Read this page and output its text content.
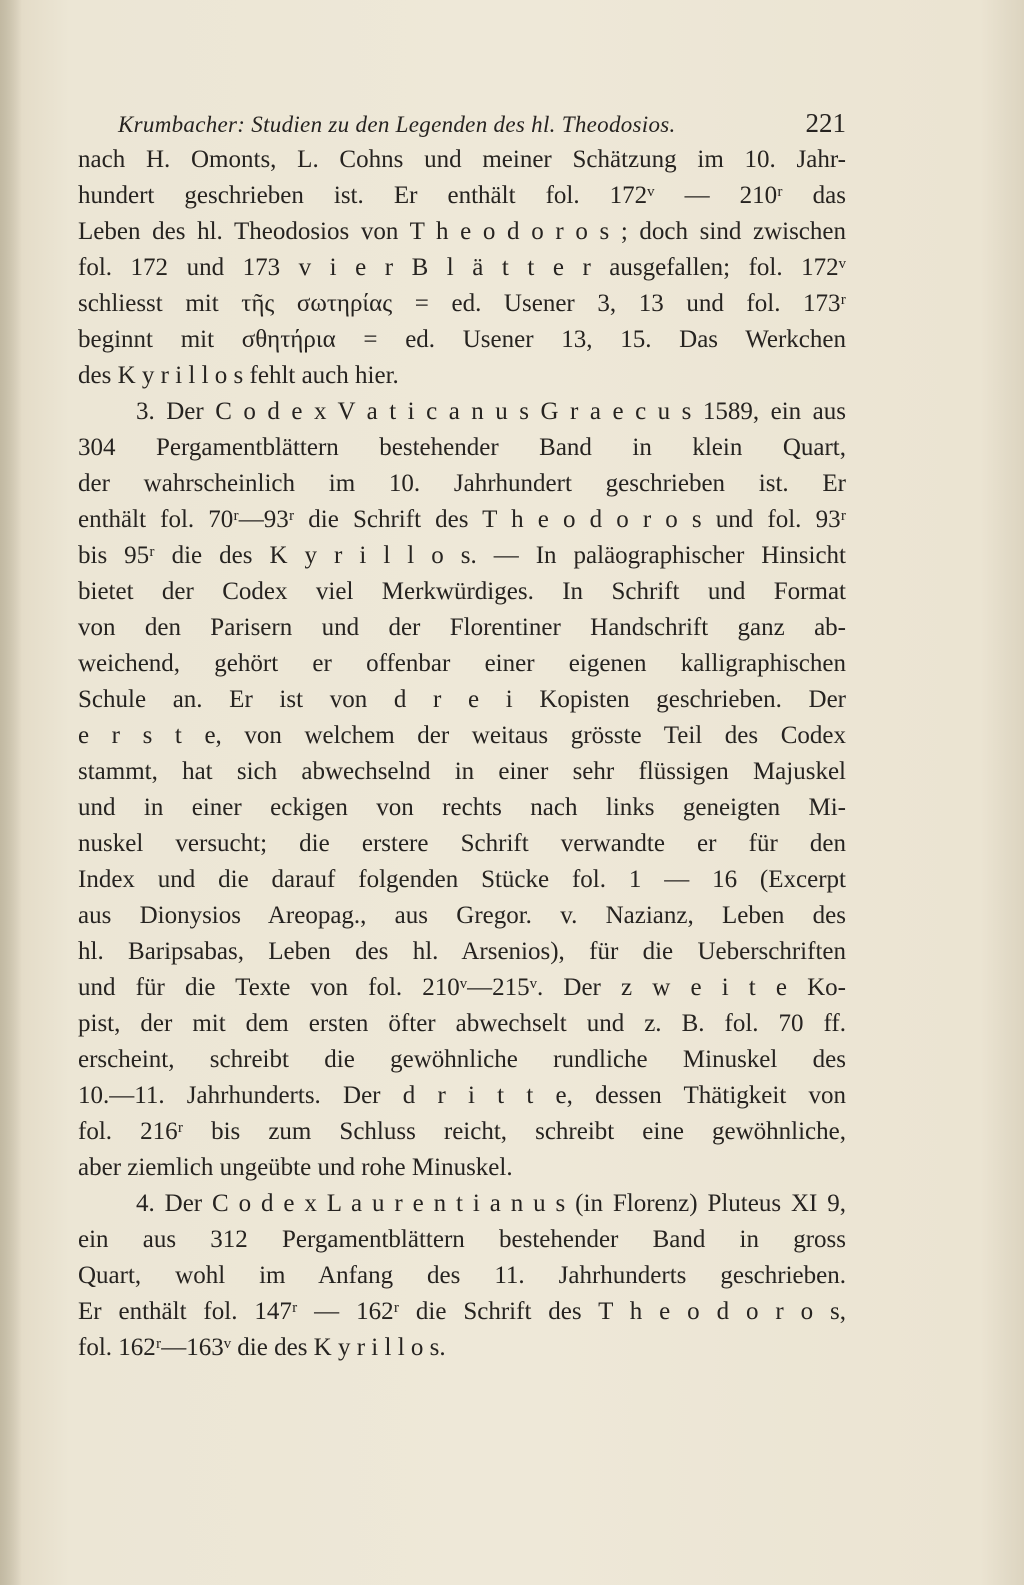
Krumbacher: Studien zu den Legenden des hl. Theodosios.	221
nach H. Omonts, L. Cohns und meiner Schätzung im 10. Jahr-
hundert geschrieben ist. Er enthält fol. 172ᵛ — 210ʳ das
Leben des hl. Theodosios von T h e o d o r o s ; doch sind zwischen
fol. 172 und 173 v i e r B l ä t t e r ausgefallen; fol. 172ᵛ
schliesst mit τῆς σωτηρίας = ed. Usener 3, 13 und fol. 173ʳ
beginnt mit σθητήρια = ed. Usener 13, 15. Das Werkchen
des K y r i l l o s fehlt auch hier.
3. Der C o d e x V a t i c a n u s G r a e c u s 1589, ein aus
304 Pergamentblättern bestehender Band in klein Quart,
der wahrscheinlich im 10. Jahrhundert geschrieben ist. Er
enthält fol. 70ʳ—93ʳ die Schrift des T h e o d o r o s und fol. 93ʳ
bis 95ʳ die des K y r i l l o s. — In paläographischer Hinsicht
bietet der Codex viel Merkwürdiges. In Schrift und Format
von den Parisern und der Florentiner Handschrift ganz ab-
weichend, gehört er offenbar einer eigenen kalligraphischen
Schule an. Er ist von d r e i Kopisten geschrieben. Der
e r s t e, von welchem der weitaus grösste Teil des Codex
stammt, hat sich abwechselnd in einer sehr flüssigen Majuskel
und in einer eckigen von rechts nach links geneigten Mi-
nuskel versucht; die erstere Schrift verwandte er für den
Index und die darauf folgenden Stücke fol. 1 — 16 (Excerpt
aus Dionysios Areopag., aus Gregor. v. Nazianz, Leben des
hl. Baripsabas, Leben des hl. Arsenios), für die Ueberschriften
und für die Texte von fol. 210ᵛ—215ᵛ. Der z w e i t e Ko-
pist, der mit dem ersten öfter abwechselt und z. B. fol. 70 ff.
erscheint, schreibt die gewöhnliche rundliche Minuskel des
10.—11. Jahrhunderts. Der d r i t t e, dessen Thätigkeit von
fol. 216ʳ bis zum Schluss reicht, schreibt eine gewöhnliche,
aber ziemlich ungeübte und rohe Minuskel.
4. Der C o d e x L a u r e n t i a n u s (in Florenz) Pluteus XI 9,
ein aus 312 Pergamentblättern bestehender Band in gross
Quart, wohl im Anfang des 11. Jahrhunderts geschrieben.
Er enthält fol. 147ʳ — 162ʳ die Schrift des T h e o d o r o s,
fol. 162ʳ—163ᵛ die des K y r i l l o s.
